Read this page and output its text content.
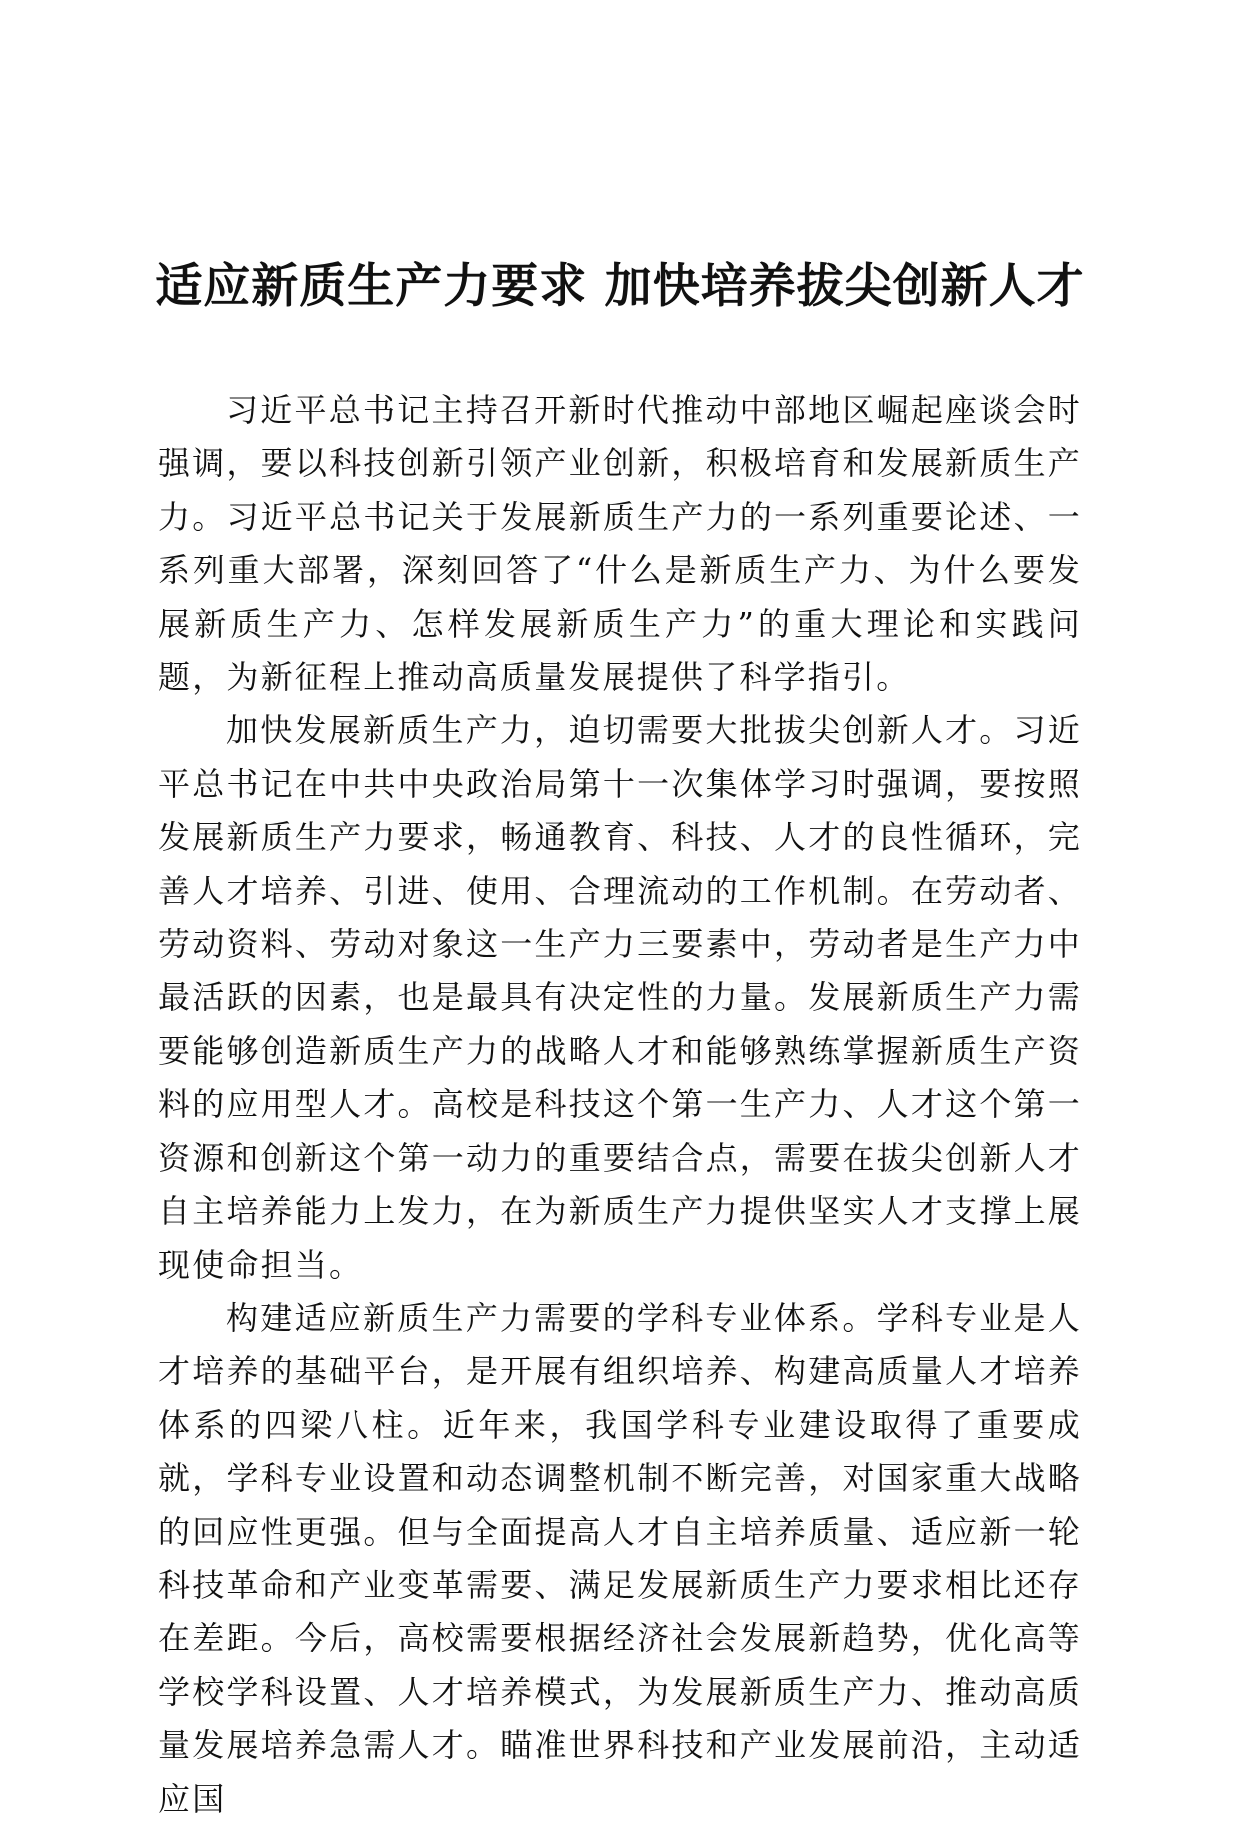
适应新质生产力要求 加快培养拔尖创新人才

习近平总书记主持召开新时代推动中部地区崛起座谈会时强调，要以科技创新引领产业创新，积极培育和发展新质生产力。习近平总书记关于发展新质生产力的一系列重要论述、一系列重大部署，深刻回答了“什么是新质生产力、为什么要发展新质生产力、怎样发展新质生产力”的重大理论和实践问题，为新征程上推动高质量发展提供了科学指引。

加快发展新质生产力，迫切需要大批拔尖创新人才。习近平总书记在中共中央政治局第十一次集体学习时强调，要按照发展新质生产力要求，畅通教育、科技、人才的良性循环，完善人才培养、引进、使用、合理流动的工作机制。在劳动者、劳动资料、劳动对象这一生产力三要素中，劳动者是生产力中最活跃的因素，也是最具有决定性的力量。发展新质生产力需要能够创造新质生产力的战略人才和能够熟练掌握新质生产资料的应用型人才。高校是科技这个第一生产力、人才这个第一资源和创新这个第一动力的重要结合点，需要在拔尖创新人才自主培养能力上发力，在为新质生产力提供坚实人才支撑上展现使命担当。

构建适应新质生产力需要的学科专业体系。学科专业是人才培养的基础平台，是开展有组织培养、构建高质量人才培养体系的四梁八柱。近年来，我国学科专业建设取得了重要成就，学科专业设置和动态调整机制不断完善，对国家重大战略的回应性更强。但与全面提高人才自主培养质量、适应新一轮科技革命和产业变革需要、满足发展新质生产力要求相比还存在差距。今后，高校需要根据经济社会发展新趋势，优化高等学校学科设置、人才培养模式，为发展新质生产力、推动高质量发展培养急需人才。瞄准世界科技和产业发展前沿，主动适应国
